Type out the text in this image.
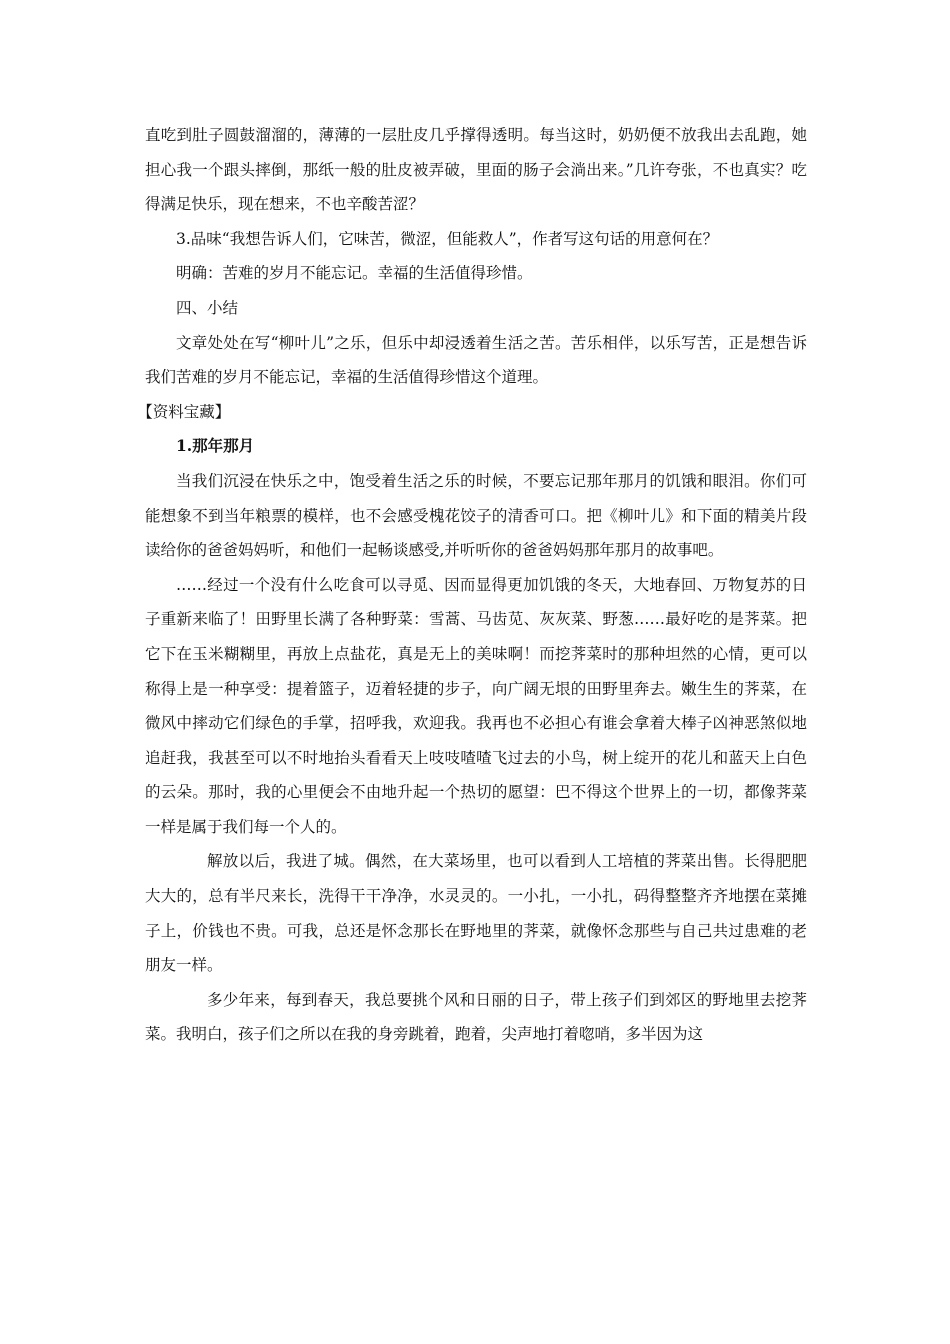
直吃到肚子圆鼓溜溜的，薄薄的一层肚皮几乎撑得透明。每当这时，奶奶便不放我出去乱跑，她担心我一个跟头摔倒，那纸一般的肚皮被弄破，里面的肠子会淌出来。”几许夸张，不也真实？吃得满足快乐，现在想来，不也辛酸苦涩？

3.品味“我想告诉人们，它味苦，微涩，但能救人”，作者写这句话的用意何在？

明确：苦难的岁月不能忘记。幸福的生活值得珍惜。

四、小结

文章处处在写“柳叶儿”之乐，但乐中却浸透着生活之苦。苦乐相伴，以乐写苦，正是想告诉我们苦难的岁月不能忘记，幸福的生活值得珍惜这个道理。

【资料宝藏】

1.那年那月

当我们沉浸在快乐之中，饱受着生活之乐的时候，不要忘记那年那月的饥饿和眼泪。你们可能想象不到当年粮票的模样，也不会感受槐花饺子的清香可口。把《柳叶儿》和下面的精美片段读给你的爸爸妈妈听，和他们一起畅谈感受,并听听你的爸爸妈妈那年那月的故事吧。

……经过一个没有什么吃食可以寻觅、因而显得更加饥饿的冬天，大地春回、万物复苏的日子重新来临了！田野里长满了各种野菜：雪蒿、马齿苋、灰灰菜、野葱……最好吃的是荠菜。把它下在玉米糊糊里，再放上点盐花，真是无上的美味啊！而挖荠菜时的那种坦然的心情，更可以称得上是一种享受：提着篮子，迈着轻捷的步子，向广阔无垠的田野里奔去。嫩生生的荠菜，在微风中摔动它们绿色的手掌，招呼我，欢迎我。我再也不必担心有谁会拿着大棒子凶神恶煞似地追赶我，我甚至可以不时地抬头看看天上吱吱喳喳飞过去的小鸟，树上绽开的花儿和蓝天上白色的云朵。那时，我的心里便会不由地升起一个热切的愿望：巴不得这个世界上的一切，都像荠菜一样是属于我们每一个人的。

解放以后，我进了城。偶然，在大菜场里，也可以看到人工培植的荠菜出售。长得肥肥大大的，总有半尺来长，洗得干干净净，水灵灵的。一小扎，一小扎，码得整整齐齐地摆在菜摊子上，价钱也不贵。可我，总还是怀念那长在野地里的荠菜，就像怀念那些与自己共过患难的老朋友一样。

多少年来，每到春天，我总要挑个风和日丽的日子，带上孩子们到郊区的野地里去挖荠菜。我明白，孩子们之所以在我的身旁跳着，跑着，尖声地打着唿哨，多半因为这
